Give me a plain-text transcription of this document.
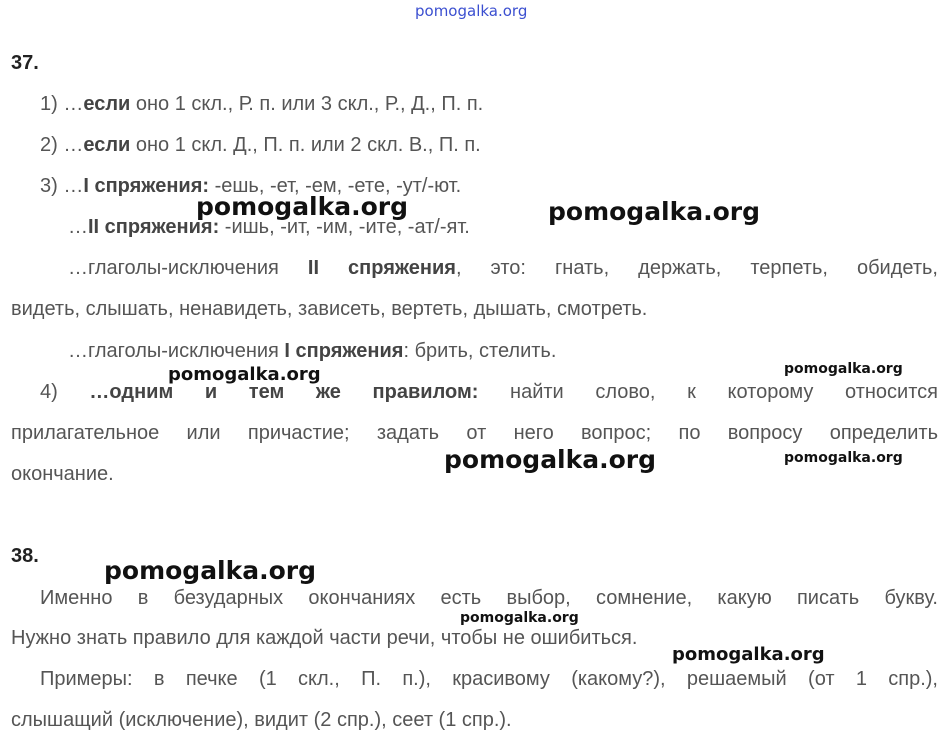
pomogalka.org
37.
1) …если оно 1 скл., Р. п. или 3 скл., Р., Д., П. п.
2) …если оно 1 скл. Д., П. п. или 2 скл. В., П. п.
3) …I спряжения: -ешь, -ет, -ем, -ете, -ут/-ют.
…II спряжения: -ишь, -ит, -им, -ите, -ат/-ят.
…глаголы-исключения II спряжения, это: гнать, держать, терпеть, обидеть,
видеть, слышать, ненавидеть, зависеть, вертеть, дышать, смотреть.
…глаголы-исключения I спряжения: брить, стелить.
4) …одним и тем же правилом: найти слово, к которому относится
прилагательное или причастие; задать от него вопрос; по вопросу определить
окончание.
38.
Именно в безударных окончаниях есть выбор, сомнение, какую писать букву.
Нужно знать правило для каждой части речи, чтобы не ошибиться.
Примеры: в печке (1 скл., П. п.), красивому (какому?), решаемый (от 1 спр.),
слышащий (исключение), видит (2 спр.), сеет (1 спр.).
pomogalka.org	pomogalka.org
pomogalka.org
pomogalka.org
pomogalka.org	pomogalka.org
pomogalka.org
pomogalka.org
pomogalka.org
